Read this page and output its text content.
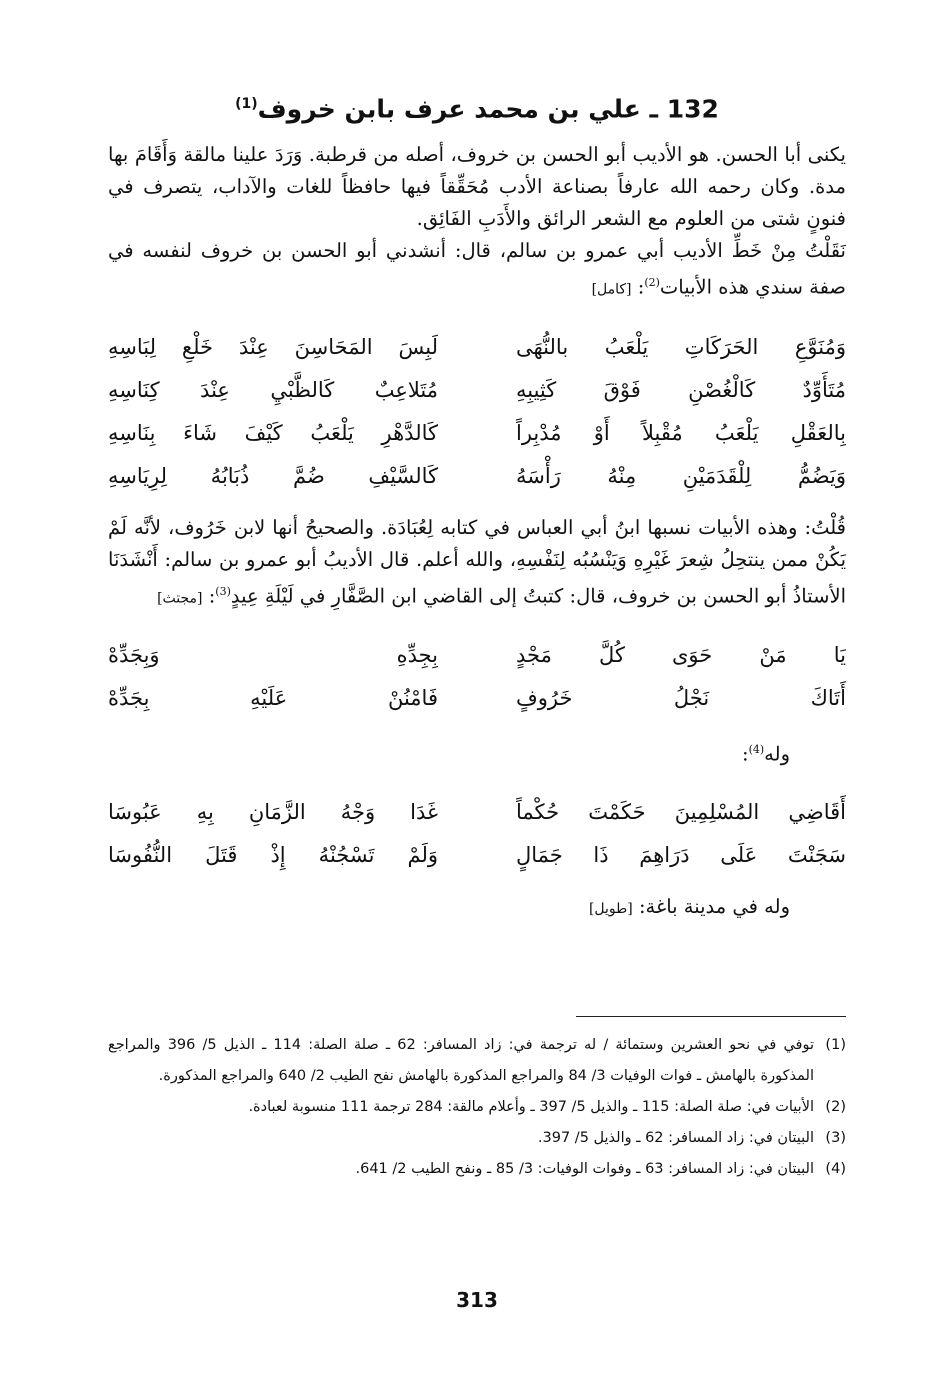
132 ـ علي بن محمد عرف بابن خروف$^{(1)}$

يكنى أبا الحسن. هو الأديب أبو الحسن بن خروف، أصله من قرطبة. وَرَدَ علينا مالقة وَأَقَامَ بها مدة. وكان رحمه الله عارفاً بصناعة الأدب مُحَقِّقاً فيها حافظاً للغات والآداب، يتصرف في فنونٍ شتى من العلوم مع الشعر الرائق والأَدَبِ الفَائِق.

نَقَلْتُ مِنْ خَطِّ الأديب أبي عمرو بن سالم، قال: أنشدني أبو الحسن بن خروف لنفسه في صفة سندي هذه الأبيات$^{(2)}$: [كامل]

وَمُنَوَّعِ الحَرَكَاتِ يَلْعَبُ بالنُّهَى
لَبِسَ المَحَاسِنَ عِنْدَ خَلْعِ لِبَاسِهِ
مُتَأَوِّدٌ كَالْغُصْنِ فَوْقَ كَثِيبِهِ
مُتَلاعِبٌ كَالظَّبْيِ عِنْدَ كِنَاسِهِ
بِالعَقْلِ يَلْعَبُ مُقْبِلاً أَوْ مُدْبِراً
كَالدَّهْرِ يَلْعَبُ كَيْفَ شَاءَ بِنَاسِهِ
وَيَضُمُّ لِلْقَدَمَيْنِ مِنْهُ رَأْسَهُ
كَالسَّيْفِ ضُمَّ ذُبَابُهُ لِرِيَاسِهِ

قُلْتُ: وهذه الأبيات نسبها ابنُ أبي العباس في كتابه لِعُبَادَة. والصحيحُ أنها لابن خَرُوف، لأنَّه لَمْ يَكُنْ ممن ينتحِلُ شِعرَ غَيْرِهِ وَيَنْسُبُه لِنَفْسِهِ، والله أعلم. قال الأديبُ أبو عمرو بن سالم: أَنْشَدَنَا الأستاذُ أبو الحسن بن خروف، قال: كتبتُ إلى القاضي ابن الصَّفَّارِ في لَيْلَةِ عِيدٍ$^{(3)}$: [مجتث]

يَا مَنْ حَوَى كُلَّ مَجْدٍ
بِجِدِّهِ وَبِجَدِّهْ
أَتَاكَ نَجْلُ خَرُوفٍ
فَامْنُنْ عَلَيْهِ بِجَدِّهْ

وله$^{(4)}$:

أَقَاضِي المُسْلِمِينَ حَكَمْتَ حُكْماً
غَدَا وَجْهُ الزَّمَانِ بِهِ عَبُوسَا
سَجَنْتَ عَلَى دَرَاهِمَ ذَا جَمَالٍ
وَلَمْ تَسْجُنْهُ إِذْ قَتَلَ النُّفُوسَا

وله في مدينة باغة: [طويل]

(1)
توفي في نحو العشرين وستمائة / له ترجمة في: زاد المسافر: 62 ـ صلة الصلة: 114 ـ الذيل 5/ 396 والمراجع المذكورة بالهامش ـ فوات الوفيات 3/ 84 والمراجع المذكورة بالهامش نفح الطيب 2/ 640 والمراجع المذكورة.
(2)
الأبيات في: صلة الصلة: 115 ـ والذيل 5/ 397 ـ وأعلام مالقة: 284 ترجمة 111 منسوبة لعبادة.
(3)
البيتان في: زاد المسافر: 62 ـ والذيل 5/ 397.
(4)
البيتان في: زاد المسافر: 63 ـ وفوات الوفيات: 3/ 85 ـ ونفح الطيب 2/ 641.
313
